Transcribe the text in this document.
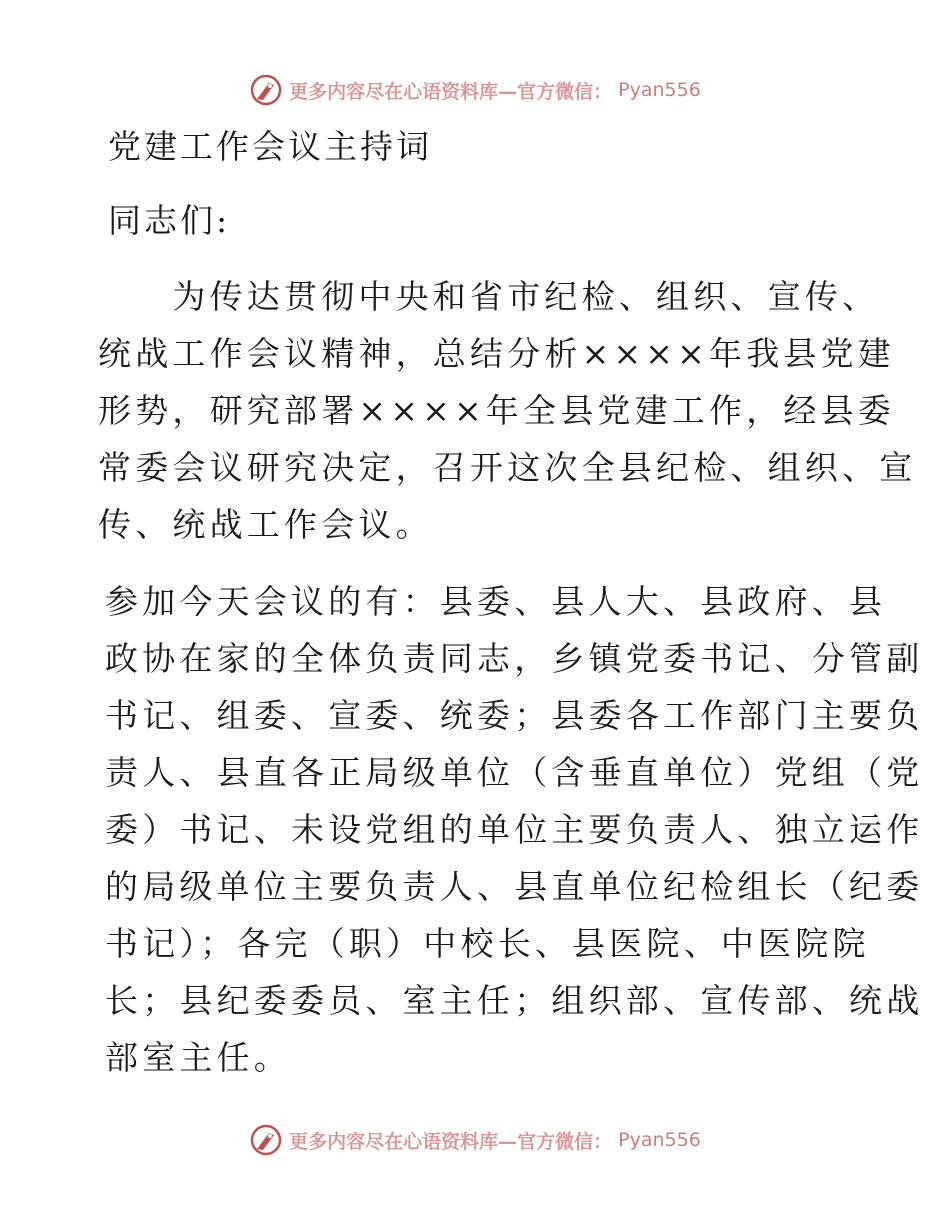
更多内容尽在心语资料库—官方微信： Pyan556
党建工作会议主持词

同志们:

　　为传达贯彻中央和省市纪检、组织、宣传、
统战工作会议精神，总结分析××××年我县党建
形势，研究部署××××年全县党建工作，经县委
常委会议研究决定，召开这次全县纪检、组织、宣
传、统战工作会议。

参加今天会议的有：县委、县人大、县政府、县
政协在家的全体负责同志，乡镇党委书记、分管副
书记、组委、宣委、统委；县委各工作部门主要负
责人、县直各正局级单位（含垂直单位）党组（党
委）书记、未设党组的单位主要负责人、独立运作
的局级单位主要负责人、县直单位纪检组长（纪委
书记）；各完（职）中校长、县医院、中医院院
长；县纪委委员、室主任；组织部、宣传部、统战
部室主任。

更多内容尽在心语资料库—官方微信： Pyan556
